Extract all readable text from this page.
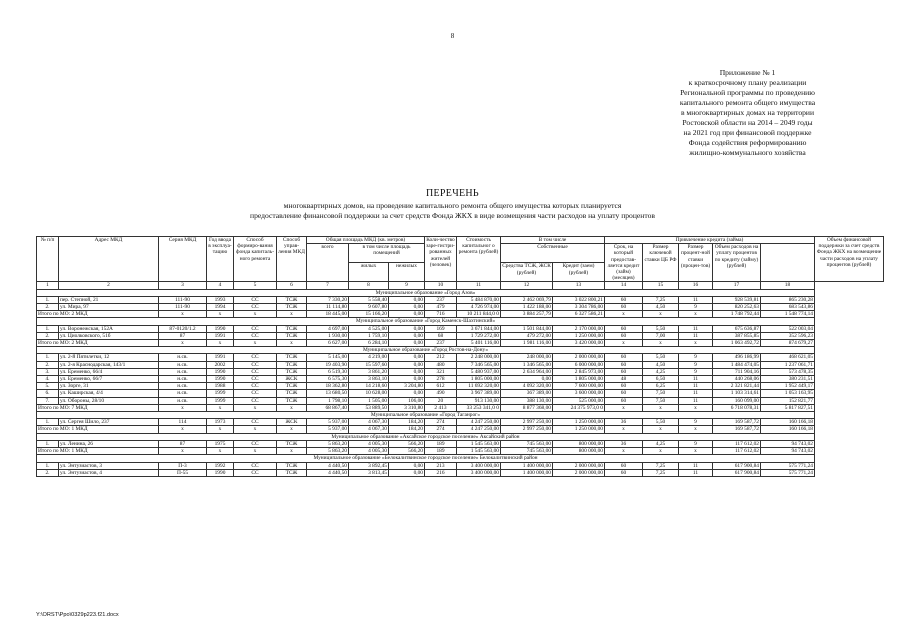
8
Приложение № 1
к краткосрочному плану реализации
Региональной программы по проведению
капитального ремонта общего имущества
в многоквартирных домах на территории
Ростовской области на 2014 – 2049 годы
на 2021 год при финансовой поддержке
Фонда содействия реформированию
жилищно-коммунального хозяйства
ПЕРЕЧЕНЬ
многоквартирных домов, на проведение капитального ремонта общего имущества которых планируется
предоставление финансовой поддержки за счет средств Фонда ЖКХ в виде возмещения части расходов на уплату процентов
№ п/п	Адрес МКД	Серия МКД	Год ввода в эксплуа-тацию	Способ формиро-вания фонда капиталь-ного ремонта	Способ управ-ления МКД	Общая площадь МКД (кв. метров)			Коли-чество заре-гистри-рованных жителей (человек)	Стоимость капитальног о ремонта (рублей)	В том числе		Привлечение кредита (займа)					Объем финансовой поддержки за счет средств Фонда ЖКХ на возмещение части расходов на уплату процентов (рублей)
						всего	в том числе площадь помещений				Собственные		Срок, на который предостав-ляется кредит (займ) (месяцев)	Размер ключевой ставки ЦБ РФ	Размер процент-ной ставки (процен-тов)	Объем расходов на уплату процентов по кредиту (займу) (рублей)		
							жилых	нежилых			Средства ТСЖ, ЖСК (рублей)	Кредит (заем) (рублей)						
1	2	3	4	5	6	7	8	9	10	11	12	13	14	15	16	17	18	
Муниципальное образование «Город Азов»																		
1.	пер. Степной, 21	111-90	1993	СС	ТСЖ	7 330,20	5 558,40	0,00	237	5 484 870,00	2 462 069,79	3 022 800,21	60	7,25	11	928 539,81	865 230,28	
2.	ул. Мира, 97	111-90	1994	СС	ТСЖ	11 114,80	9 607,80	0,00	479	4 726 974,00	1 422 188,00	3 304 786,00	60	4,50	9	820 252,63	683 543,86	
Итого по МО: 2 МКД		х	х	х	х	18 445,00	15 166,20	0,00	716	10 211 844,0 0	3 884 257,79	6 327 586,21	х	х	х	1 748 792,44	1 548 774,14	
Муниципальное образование «Город Каменск-Шахтинский»																		
1.	ул. Воронежская, 152А	87-0120/1.2	1990	СС	ТСЖ	4 697,00	4 525,00	0,00	169	3 671 844,00	1 501 844,00	2 170 000,00	60	5,50	11	675 636,87	522 003,04	
2.	ул. Циолковского, 51б	87	1991	СС	ТСЖ	1 930,00	1 759,10	0,00	68	1 729 272,00	479 272,00	1 250 000,00	60	7,00	11	387 855,85	352 596,23	
Итого по МО: 2 МКД		х	х	х	х	6 627,00	6 284,10	0,00	237	5 401 116,00	1 981 116,00	3 420 000,00	х	х	х	1 063 492,72	874 679,27	
Муниципальное образование «Город Ростов-на-Дону»																		
1.	ул. 2-й Пятилетки, 12	н.св.	1991	СС	ТСЖ	5 145,00	4 219,00	0,00	212	2 248 000,00	248 000,00	2 000 000,00	60	5,50	9	496 186,99	468 621,05	
2.	ул. 2-я Краснодарская, 143/1	н.св.	2002	СС	ТСЖ	19 403,90	15 597,60	0,00	480	7 346 565,00	1 346 565,00	6 000 000,00	60	4,50	9	1 484 474,05	1 237 061,71	
3.	ул. Еременко, 66/4	н.св.	1990	СС	ТСЖ	6 519,30	3 861,20	0,00	321	5 480 937,00	2 634 964,00	2 845 973,00	60	4,25	9	711 904,16	573 478,35	
4.	ул. Еременко, 66/7	н.св.	1990	СС	ЖСК	6 575,30	3 863,10	0,00	278	1 805 000,00	0,00	1 805 000,00	48	6,50	11	440 268,06	380 231,51	
5.	ул. Зорге, 31	н.св.	1988	СС	ТСЖ	18 362,80	14 218,60	3 204,80	612	11 692 320,00	4 092 320,00	7 600 000,00	60	6,25	11	2 321 821,44	1 952 449,17	
6.	ул. Каширская, 4/4	н.св.	1999	СС	ТСЖ	13 680,50	10 628,00	0,00	490	3 967 389,00	367 389,00	3 600 000,00	60	7,50	11	1 103 314,61	1 053 163,95	
7.	ул. Обороны, 28/10	н.св.	1999	СС	ТСЖ	1 798,10	1 505,00	106,00	20	913 130,00	388 130,00	525 000,00	60	7,50	11	160 099,00	152 821,77	
Итого по МО: 7 МКД		х	х	х	х	68 867,40	53 889,50	3 310,80	2 413	33 253 341,0 0	8 877 368,00	24 375 973,0 0	х	х	х	6 718 078,31	5 817 827,51	
Муниципальное образование «Город Таганрог»																		
1.	ул. Сергея Шило, 237	114	1973	СС	ЖСК	5 937,00	4 067,30	184,20	274	4 247 250,00	2 997 250,00	1 250 000,00	36	5,50	9	169 587,72	160 166,18	
Итого по МО: 1 МКД		х	х	х	х	5 937,00	4 067,30	184,20	274	4 247 250,00	2 997 250,00	1 250 000,00	х	х	х	169 587,72	160 166,18	
Муниципальное образование «Аксайское городское поселение» Аксайский район																		
1.	ул. Ленина, 26	87	1975	СС	ТСЖ	5 863,20	4 005,30	566,20	189	1 545 563,00	745 563,00	800 000,00	36	4,25	9	117 612,02	94 743,02	
Итого по МО: 1 МКД		х	х	х	х	5 863,20	4 005,30	566,20	189	1 545 563,00	745 563,00	800 000,00	х	х	х	117 612,02	94 743,02	
Муниципальное образование «Белокалитвинское городское поселение» Белокалитвинский район																		
1.	ул. Энтузиастов, 3	П-3	1992	СС	ТСЖ	4 440,50	3 892,45	0,00	213	3 400 000,00	1 400 000,00	2 000 000,00	60	7,25	11	617 900,84	575 771,24	
2.	ул. Энтузиастов, 4	П-55	1990	СС	ТСЖ	4 440,50	3 813,45	0,00	216	3 400 000,00	1 400 000,00	2 000 000,00	60	7,25	11	617 900,84	575 771,24	
Y:\ORST\Ppo\0329p223.f21.docx
